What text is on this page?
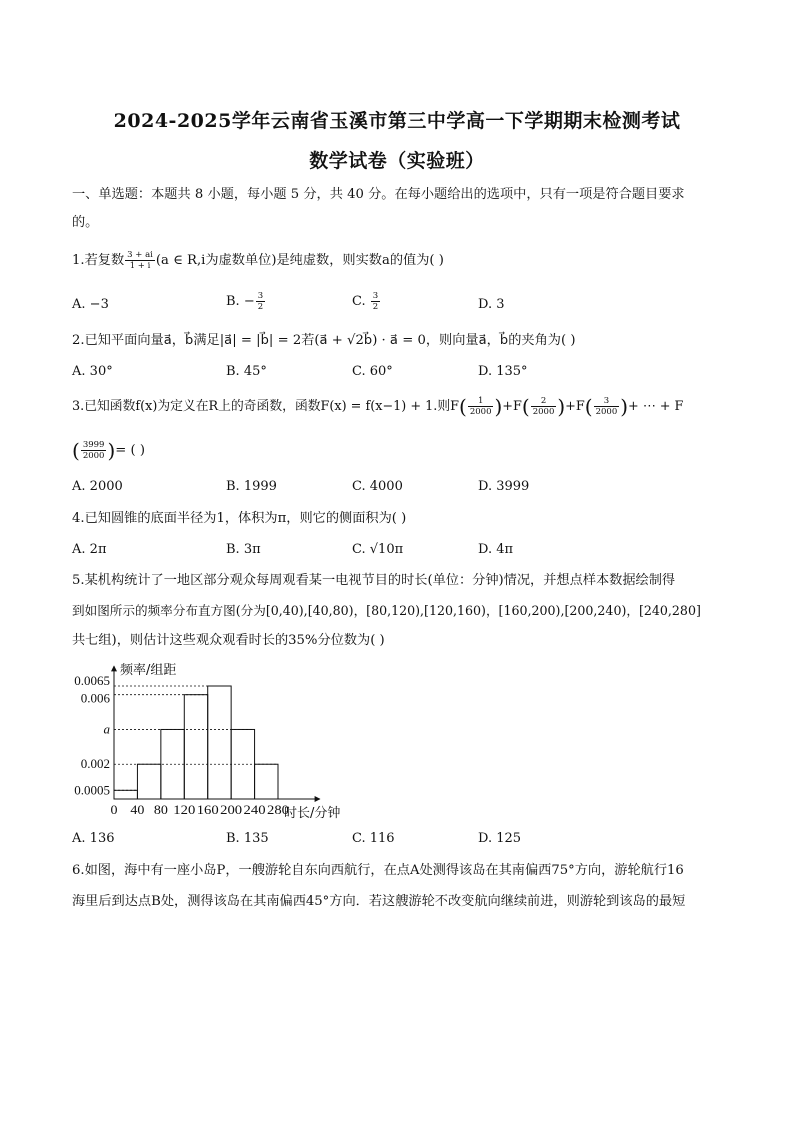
2024-2025学年云南省玉溪市第三中学高一下学期期末检测考试
数学试卷（实验班）
一、单选题：本题共 8 小题，每小题 5 分，共 40 分。在每小题给出的选项中，只有一项是符合题目要求
的。
1.若复数 $\frac{3 + ai}{1 + i} (a$ ∈ R,i为虚数单位)是纯虚数，则实数a的值为( )
A. −3	B. − $\frac{3}{2}$	C. $\frac{3}{2}$	D. 3
2.已知平面向量a⃗，b⃗满足|a⃗| = |b⃗| = 2若(a⃗ + √2b⃗) · a⃗ = 0，则向量a⃗，b⃗的夹角为( )
A. 30°	B. 45°	C. 60°	D. 135°
3.已知函数f(x)为定义在R上的奇函数，函数F(x) = f(x−1) + 1.则$F( \frac{1}{2000} )+F( \frac{2}{2000} )+F( \frac{3}{2000}$ )+ ⋯ + F
( $\frac{3999}{2000}$ )= ( )
A. 2000	B. 1999	C. 4000	D. 3999
4.已知圆锥的底面半径为1，体积为π，则它的侧面积为( )
A. 2π	B. 3π	C. √10π	D. 4π
5.某机构统计了一地区部分观众每周观看某一电视节目的时长(单位：分钟)情况，并想点样本数据绘制得
到如图所示的频率分布直方图(分为[0,40),[40,80)，[80,120),[120,160)，[160,200),[200,240)，[240,280]
共七组)，则估计这些观众观看时长的35%分位数为( )
0.0005
0.002
a
0.006
0.0065
0 40 80 120 160 200 240 280
频率/组距
时长/分钟
A. 136	B. 135	C. 116	D. 125
6.如图，海中有一座小岛P，一艘游轮自东向西航行，在点A处测得该岛在其南偏西75°方向，游轮航行16
海里后到达点B处，测得该岛在其南偏西45°方向．若这艘游轮不改变航向继续前进，则游轮到该岛的最短
